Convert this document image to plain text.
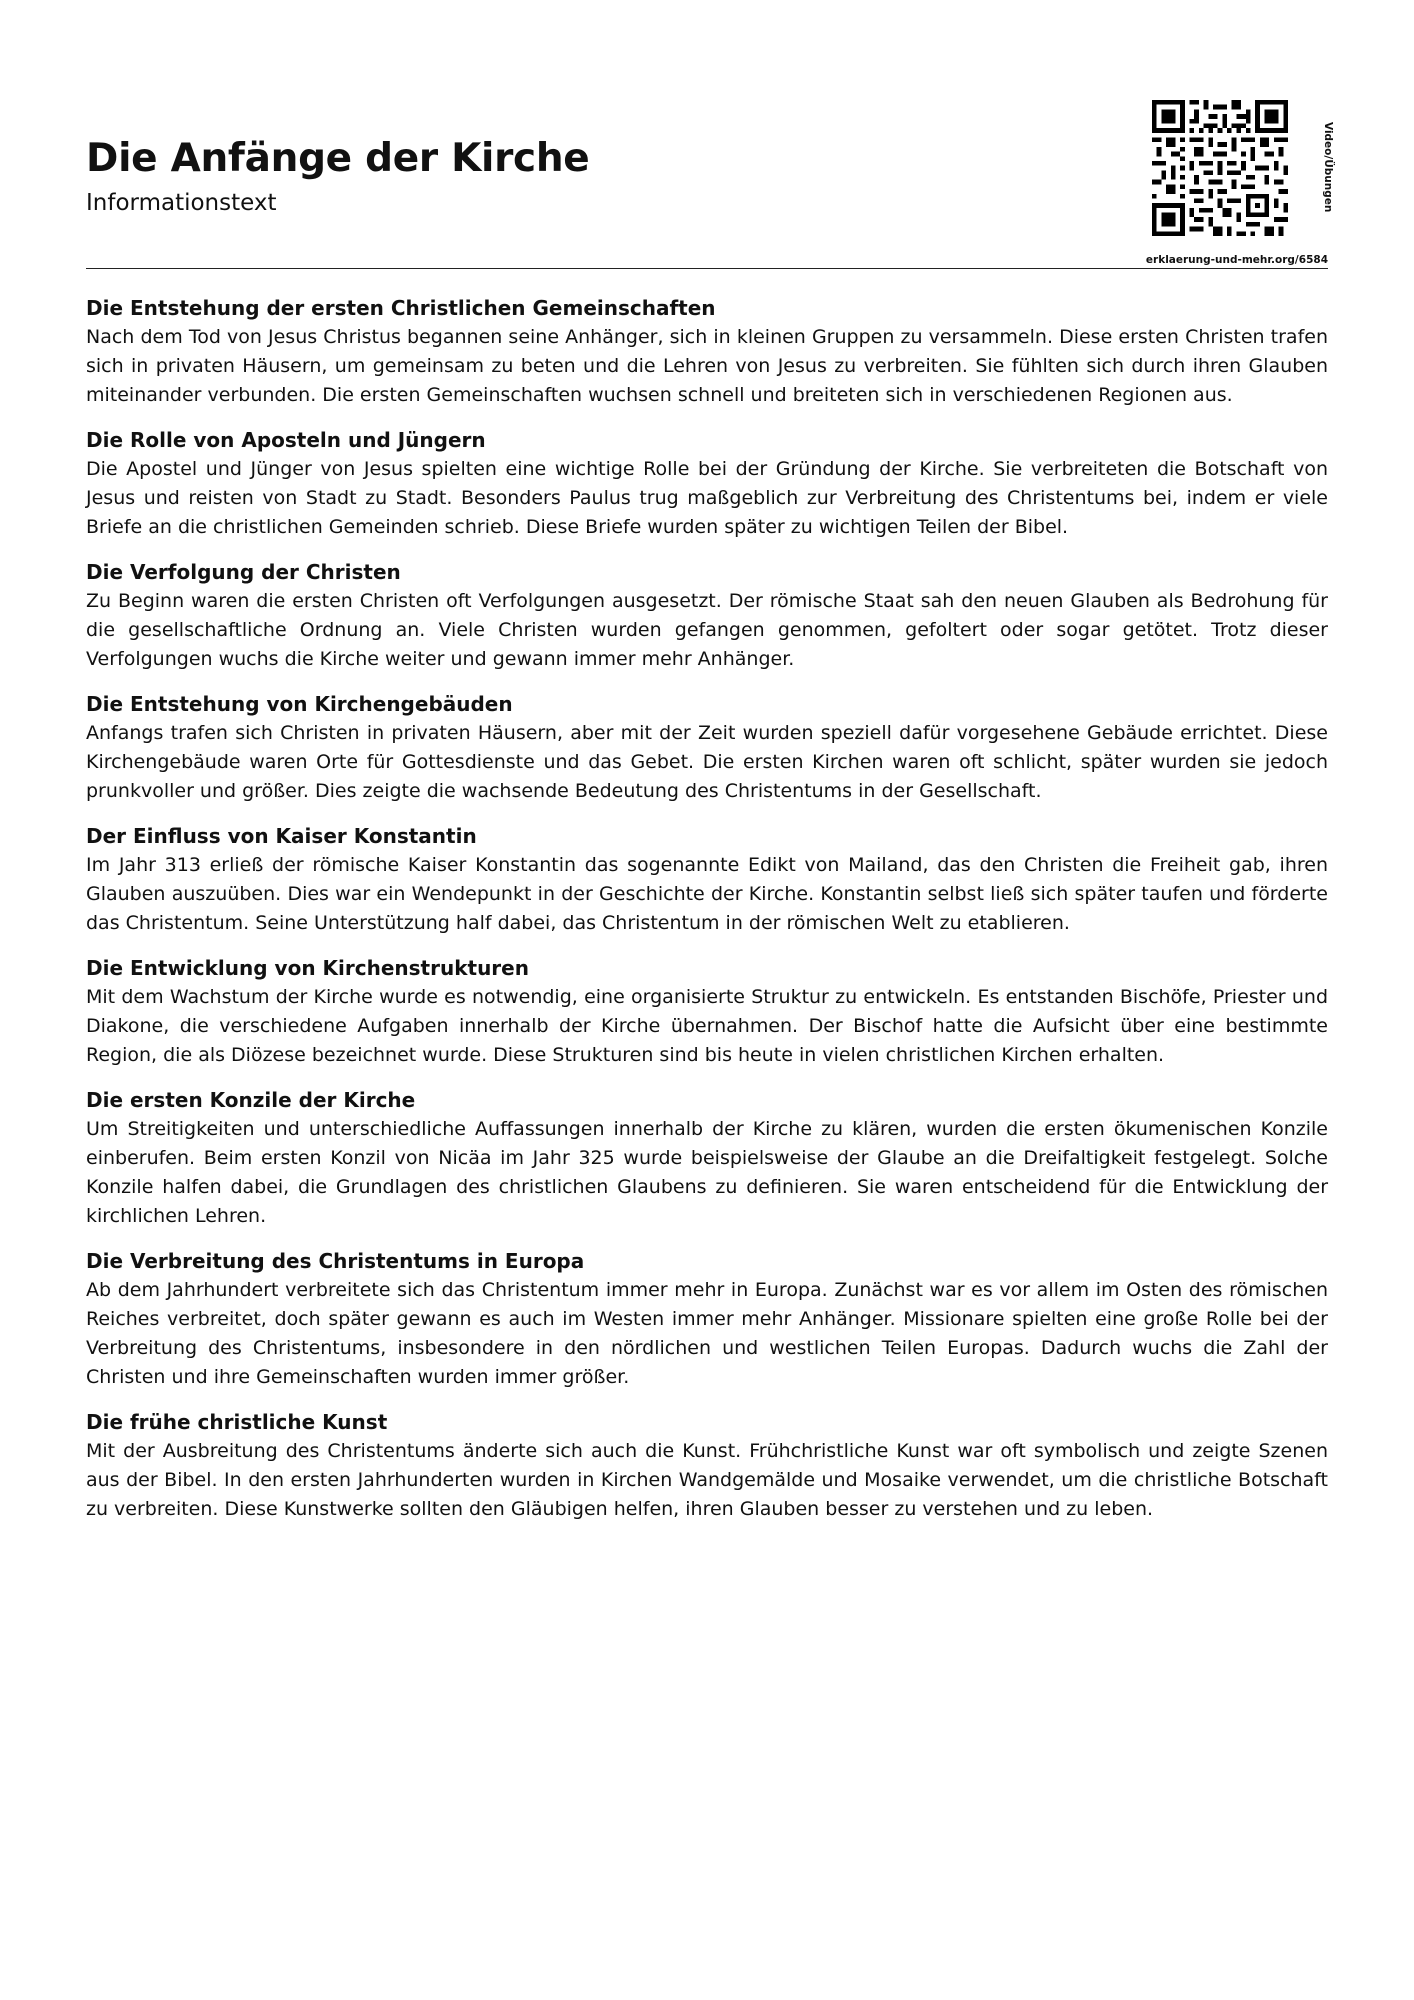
Die Anfänge der Kirche
Informationstext	Video/Übungen
erklaerung-und-mehr.org/6584
Die Entstehung der ersten Christlichen Gemeinschaften

Nach dem Tod von Jesus Christus begannen seine Anhänger, sich in kleinen Gruppen zu versammeln. Diese ersten Christen trafen sich in privaten Häusern, um gemeinsam zu beten und die Lehren von Jesus zu verbreiten. Sie fühlten sich durch ihren Glauben miteinander verbunden. Die ersten Gemeinschaften wuchsen schnell und breiteten sich in verschiedenen Regionen aus.

Die Rolle von Aposteln und Jüngern

Die Apostel und Jünger von Jesus spielten eine wichtige Rolle bei der Gründung der Kirche. Sie verbreiteten die Botschaft von Jesus und reisten von Stadt zu Stadt. Besonders Paulus trug maßgeblich zur Verbreitung des Christentums bei, indem er viele Briefe an die christlichen Gemeinden schrieb. Diese Briefe wurden später zu wichtigen Teilen der Bibel.

Die Verfolgung der Christen

Zu Beginn waren die ersten Christen oft Verfolgungen ausgesetzt. Der römische Staat sah den neuen Glauben als Bedrohung für die gesellschaftliche Ordnung an. Viele Christen wurden gefangen genommen, gefoltert oder sogar getötet. Trotz dieser Verfolgungen wuchs die Kirche weiter und gewann immer mehr Anhänger.

Die Entstehung von Kirchengebäuden

Anfangs trafen sich Christen in privaten Häusern, aber mit der Zeit wurden speziell dafür vorgesehene Gebäude errichtet. Diese Kirchengebäude waren Orte für Gottesdienste und das Gebet. Die ersten Kirchen waren oft schlicht, später wurden sie jedoch prunkvoller und größer. Dies zeigte die wachsende Bedeutung des Christentums in der Gesellschaft.

Der Einfluss von Kaiser Konstantin

Im Jahr 313 erließ der römische Kaiser Konstantin das sogenannte Edikt von Mailand, das den Christen die Freiheit gab, ihren Glauben auszuüben. Dies war ein Wendepunkt in der Geschichte der Kirche. Konstantin selbst ließ sich später taufen und förderte das Christentum. Seine Unterstützung half dabei, das Christentum in der römischen Welt zu etablieren.

Die Entwicklung von Kirchenstrukturen

Mit dem Wachstum der Kirche wurde es notwendig, eine organisierte Struktur zu entwickeln. Es entstanden Bischöfe, Priester und Diakone, die verschiedene Aufgaben innerhalb der Kirche übernahmen. Der Bischof hatte die Aufsicht über eine bestimmte Region, die als Diözese bezeichnet wurde. Diese Strukturen sind bis heute in vielen christlichen Kirchen erhalten.

Die ersten Konzile der Kirche

Um Streitigkeiten und unterschiedliche Auffassungen innerhalb der Kirche zu klären, wurden die ersten ökumenischen Konzile einberufen. Beim ersten Konzil von Nicäa im Jahr 325 wurde beispielsweise der Glaube an die Dreifaltigkeit festgelegt. Solche Konzile halfen dabei, die Grundlagen des christlichen Glaubens zu definieren. Sie waren entscheidend für die Entwicklung der kirchlichen Lehren.

Die Verbreitung des Christentums in Europa

Ab dem Jahrhundert verbreitete sich das Christentum immer mehr in Europa. Zunächst war es vor allem im Osten des römischen Reiches verbreitet, doch später gewann es auch im Westen immer mehr Anhänger. Missionare spielten eine große Rolle bei der Verbreitung des Christentums, insbesondere in den nördlichen und westlichen Teilen Europas. Dadurch wuchs die Zahl der Christen und ihre Gemeinschaften wurden immer größer.

Die frühe christliche Kunst

Mit der Ausbreitung des Christentums änderte sich auch die Kunst. Frühchristliche Kunst war oft symbolisch und zeigte Szenen aus der Bibel. In den ersten Jahrhunderten wurden in Kirchen Wandgemälde und Mosaike verwendet, um die christliche Botschaft zu verbreiten. Diese Kunstwerke sollten den Gläubigen helfen, ihren Glauben besser zu verstehen und zu leben.
